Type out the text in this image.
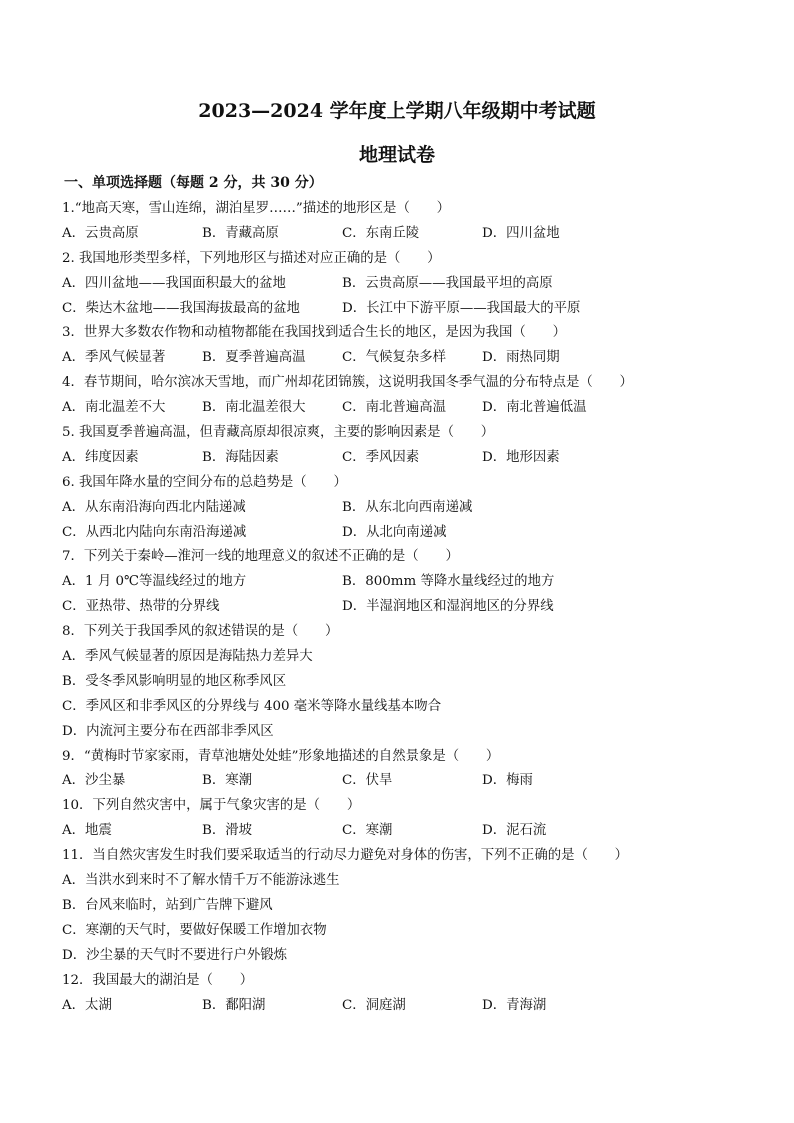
2023—2024 学年度上学期八年级期中考试题
地理试卷
一、单项选择题（每题 2 分，共 30 分）
1.“地高天寒，雪山连绵，湖泊星罗……”描述的地形区是（　　）
A．云贵高原	B．青藏高原	C．东南丘陵	D．四川盆地
2. 我国地形类型多样，下列地形区与描述对应正确的是（　　）
A．四川盆地——我国面积最大的盆地	B．云贵高原——我国最平坦的高原
C．柴达木盆地——我国海拔最高的盆地	D．长江中下游平原——我国最大的平原
3．世界大多数农作物和动植物都能在我国找到适合生长的地区，是因为我国（　　）
A．季风气候显著	B．夏季普遍高温	C．气候复杂多样	D．雨热同期
4．春节期间，哈尔滨冰天雪地，而广州却花团锦簇，这说明我国冬季气温的分布特点是（　　）
A．南北温差不大	B．南北温差很大	C．南北普遍高温	D．南北普遍低温
5. 我国夏季普遍高温，但青藏高原却很凉爽，主要的影响因素是（　　）
A．纬度因素	B．海陆因素	C．季风因素	D．地形因素
6. 我国年降水量的空间分布的总趋势是（　　）
A．从东南沿海向西北内陆递减	B．从东北向西南递减
C．从西北内陆向东南沿海递减	D．从北向南递减
7．下列关于秦岭—淮河一线的地理意义的叙述不正确的是（　　）
A．1 月 0℃等温线经过的地方	B．800mm 等降水量线经过的地方
C．亚热带、热带的分界线	D．半湿润地区和湿润地区的分界线
8．下列关于我国季风的叙述错误的是（　　）
A．季风气候显著的原因是海陆热力差异大
B．受冬季风影响明显的地区称季风区
C．季风区和非季风区的分界线与 400 毫米等降水量线基本吻合
D．内流河主要分布在西部非季风区
9．“黄梅时节家家雨，青草池塘处处蛙”形象地描述的自然景象是（　　）
A．沙尘暴	B．寒潮	C．伏旱	D．梅雨
10．下列自然灾害中，属于气象灾害的是（　　）
A．地震	B．滑坡	C．寒潮	D．泥石流
11．当自然灾害发生时我们要采取适当的行动尽力避免对身体的伤害，下列不正确的是（　　）
A．当洪水到来时不了解水情千万不能游泳逃生
B．台风来临时，站到广告牌下避风
C．寒潮的天气时，要做好保暖工作增加衣物
D．沙尘暴的天气时不要进行户外锻炼
12．我国最大的湖泊是（　　）
A．太湖	B．鄱阳湖	C．洞庭湖	D．青海湖
